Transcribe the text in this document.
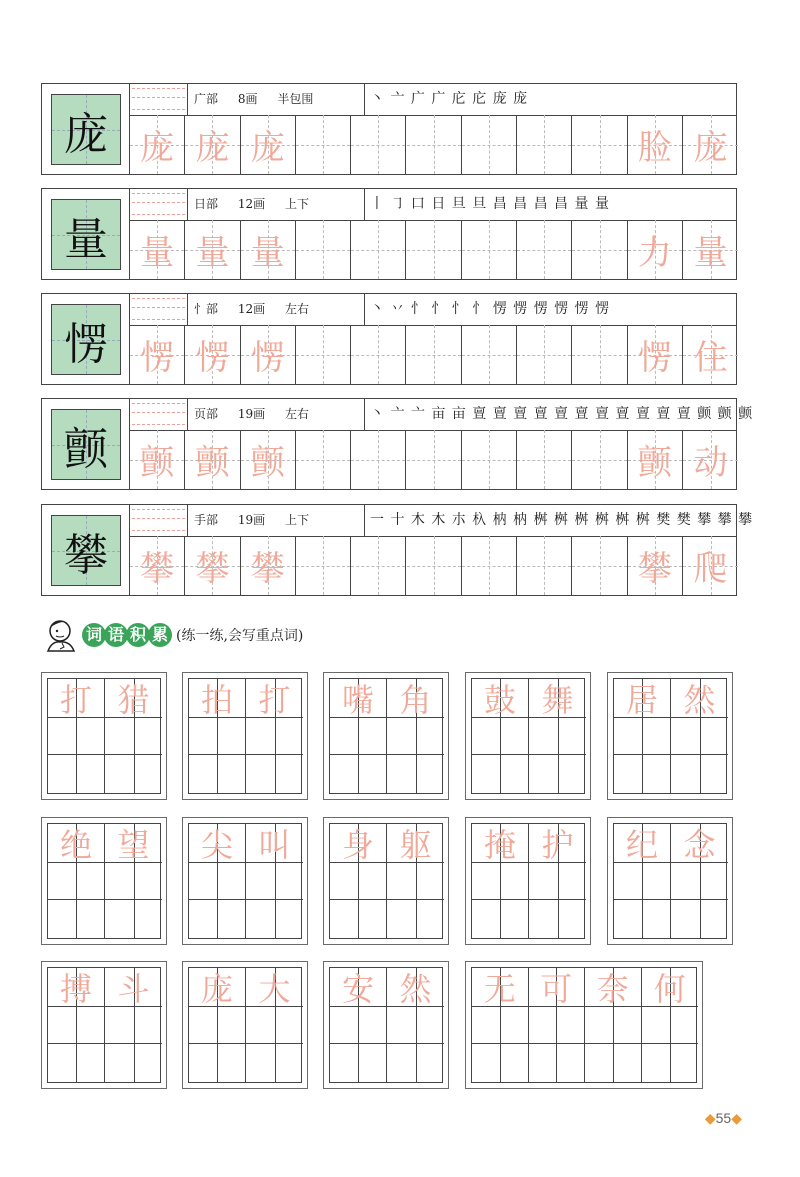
庞
广部 8画 半包围	丶 亠 广 广 庀 庀 庞 庞
庞 庞 庞	脸 庞
量
日部 12画 上下	丨 ㇆ 口 日 旦 旦 昌 昌 昌 昌 量 量
量 量 量	力 量
愣
忄部 12画 左右	丶 丷 忄 忄 忄 忄 愣 愣 愣 愣 愣 愣
愣 愣 愣	愣 住
颤
页部 19画 左右	丶 亠 亠 亩 亩 亶 亶 亶 亶 亶 亶 亶 亶 亶 亶 亶 颤 颤 颤
颤 颤 颤	颤 动
攀
手部 19画 上下	一 十 木 木 朩 杁 枘 枘 桝 桝 桝 桝 桝 桝 樊 樊 攀 攀 攀
攀 攀 攀	攀 爬
词 语 积 累 (练一练,会写重点词)
打 猎	拍 打	嘴 角	鼓 舞	居 然
绝 望	尖 叫	身 躯	掩 护	纪 念
搏 斗	庞 大	安 然	无 可 奈 何
◆55◆
